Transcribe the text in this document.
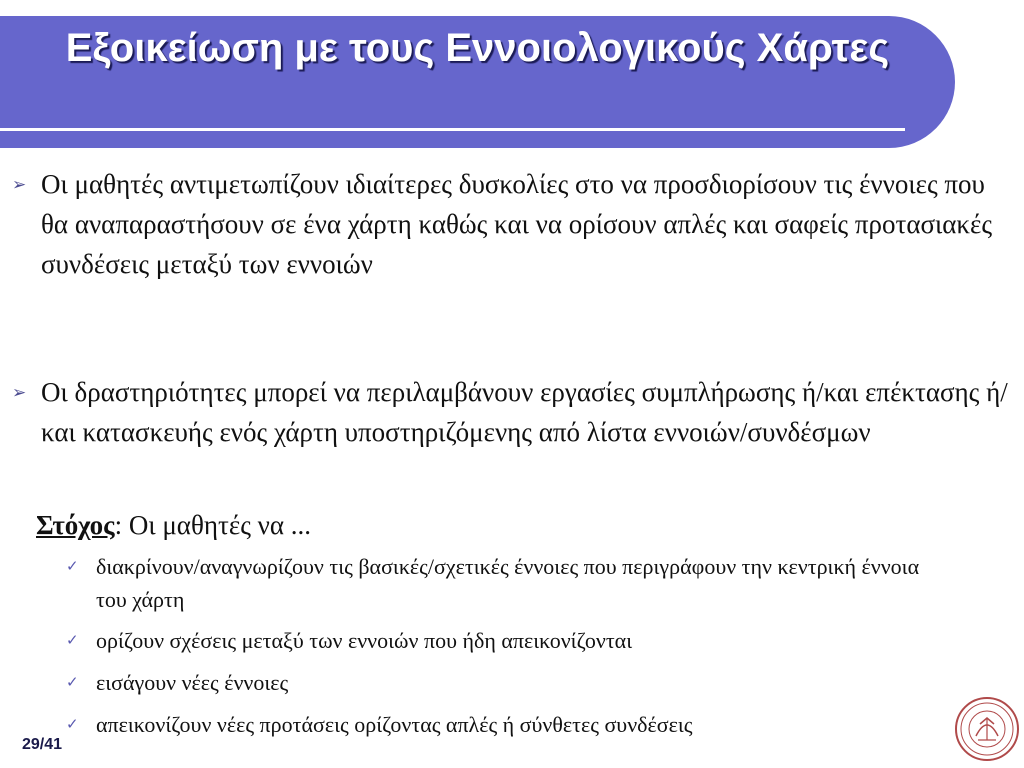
Εξοικείωση με τους Εννοιολογικούς Χάρτες
➢ Οι μαθητές αντιμετωπίζουν ιδιαίτερες δυσκολίες στο να προσδιορίσουν τις έννοιες που θα αναπαραστήσουν σε ένα χάρτη καθώς και να ορίσουν απλές και σαφείς προτασιακές συνδέσεις μεταξύ των εννοιών
➢ Οι δραστηριότητες μπορεί να περιλαμβάνουν εργασίες συμπλήρωσης ή/και επέκτασης ή/και κατασκευής ενός χάρτη υποστηριζόμενης από λίστα εννοιών/συνδέσμων
Στόχος: Οι μαθητές να ...
✓ διακρίνουν/αναγνωρίζουν τις βασικές/σχετικές έννοιες που περιγράφουν την κεντρική έννοια του χάρτη
✓ ορίζουν σχέσεις μεταξύ των εννοιών που ήδη απεικονίζονται
✓ εισάγουν νέες έννοιες
✓ απεικονίζουν νέες προτάσεις ορίζοντας απλές ή σύνθετες συνδέσεις
29/41
